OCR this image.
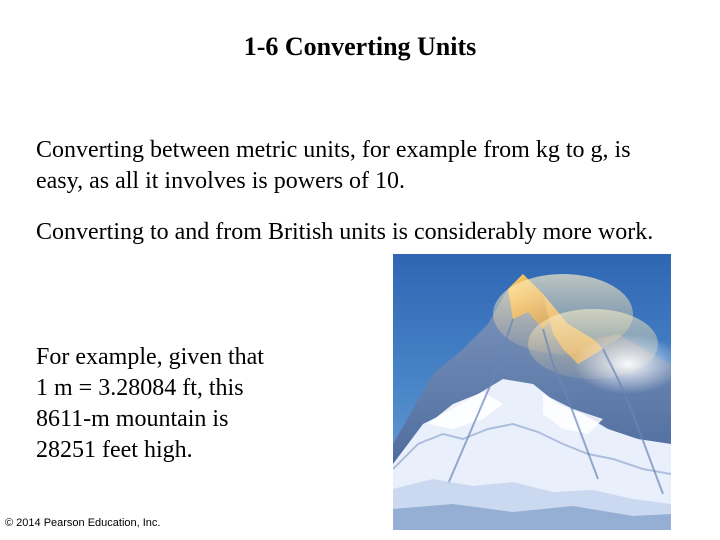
1-6 Converting Units

Converting between metric units, for example from kg to g, is easy, as all it involves is powers of 10.

Converting to and from British units is considerably more work.

For example, given that
1 m = 3.28084 ft, this
8611-m mountain is
28251 feet high.

© 2014 Pearson Education, Inc.
